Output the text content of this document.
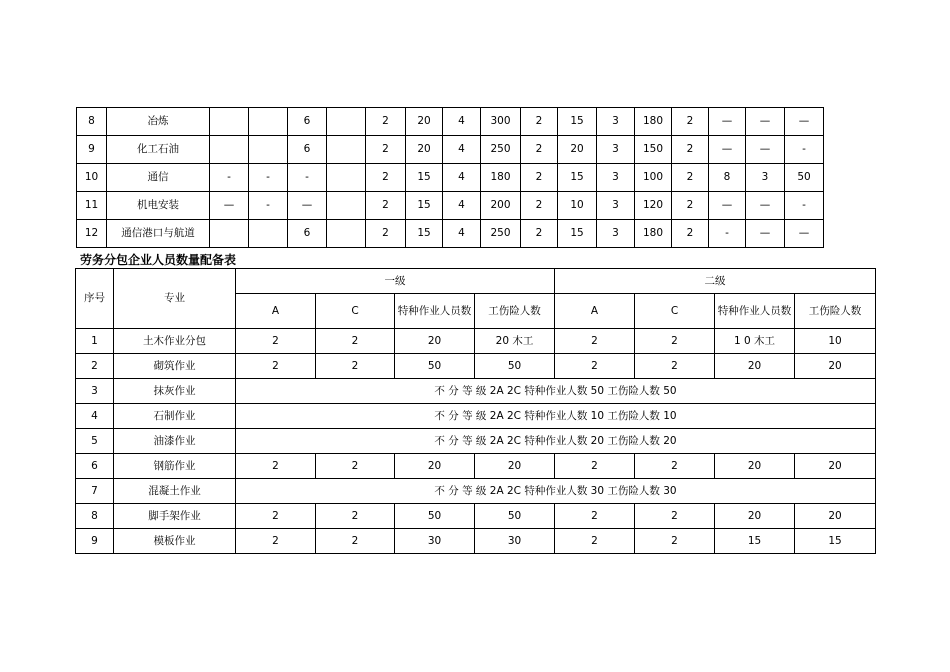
8	冶炼			6		2	20	4	300	2	15	3	180	2	—	—	—
9	化工石油			6		2	20	4	250	2	20	3	150	2	—	—	-
10	通信	-	-	-		2	15	4	180	2	15	3	100	2	8	3	50
11	机电安装	—	-	—		2	15	4	200	2	10	3	120	2	—	—	-
12	通信港口与航道			6		2	15	4	250	2	15	3	180	2	-	—	—

劳务分包企业人员数量配备表

序号	专业	一级				二级			
		A	C	特种作业人员数	工伤险人数	A	C	特种作业人员数	工伤险人数
1	土木作业分包	2	2	20	20 木工	2	2	1 0 木工	10
2	砌筑作业	2	2	50	50	2	2	20	20
3	抹灰作业	不 分 等 级 2A 2C 特种作业人数 50 工伤险人数 50							
4	石制作业	不 分 等 级 2A 2C 特种作业人数 10 工伤险人数 10							
5	油漆作业	不 分 等 级 2A 2C 特种作业人数 20 工伤险人数 20							
6	钢筋作业	2	2	20	20	2	2	20	20
7	混凝土作业	不 分 等 级 2A 2C 特种作业人数 30 工伤险人数 30							
8	脚手架作业	2	2	50	50	2	2	20	20
9	模板作业	2	2	30	30	2	2	15	15
